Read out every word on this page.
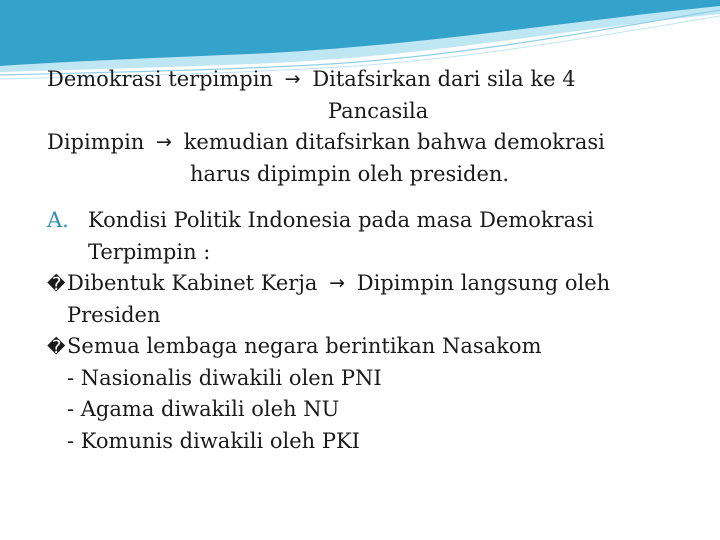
Demokrasi terpimpin → Ditafsirkan dari sila ke 4
Pancasila
Dipimpin → kemudian ditafsirkan bahwa demokrasi
harus dipimpin oleh presiden.
A. Kondisi Politik Indonesia pada masa Demokrasi
Terpimpin :
�Dibentuk Kabinet Kerja → Dipimpin langsung oleh
Presiden
�Semua lembaga negara berintikan Nasakom
- Nasionalis diwakili olen PNI
- Agama diwakili oleh NU
- Komunis diwakili oleh PKI
